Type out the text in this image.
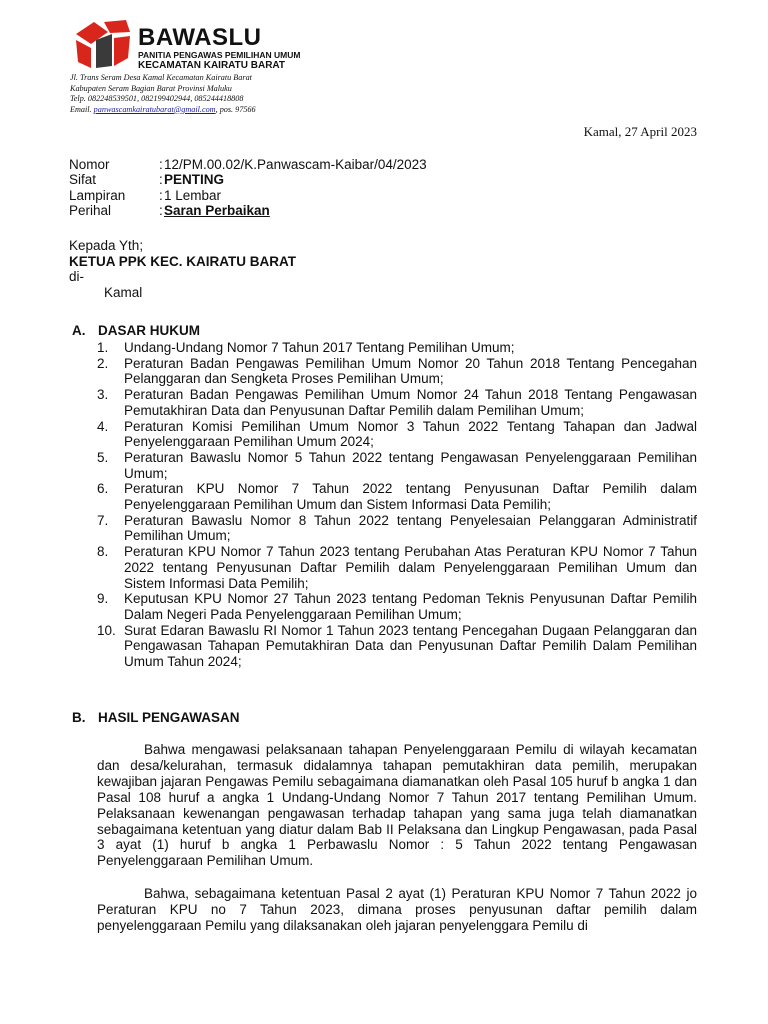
BAWASLU
PANITIA PENGAWAS PEMILIHAN UMUM
KECAMATAN KAIRATU BARAT
Jl. Trans Seram Desa Kamal Kecamatan Kairatu Barat
Kabupaten Seram Bagian Barat Provinsi Maluku
Telp. 082248539501, 082199402944, 085244418808
Email. panwascamkairatubarat@gmail.com, pos. 97566
Kamal, 27 April 2023
Nomor	: 12/PM.00.02/K.Panwascam-Kaibar/04/2023
Sifat	: PENTING
Lampiran	: 1 Lembar
Perihal	: Saran Perbaikan
Kepada Yth;
KETUA PPK KEC. KAIRATU BARAT
di-
Kamal
A. DASAR HUKUM
1.	Undang-Undang Nomor 7 Tahun 2017 Tentang Pemilihan Umum;
2.	Peraturan Badan Pengawas Pemilihan Umum Nomor 20 Tahun 2018 Tentang Pencegahan Pelanggaran dan Sengketa Proses Pemilihan Umum;
3.	Peraturan Badan Pengawas Pemilihan Umum Nomor 24 Tahun 2018 Tentang Pengawasan Pemutakhiran Data dan Penyusunan Daftar Pemilih dalam Pemilihan Umum;
4.	Peraturan Komisi Pemilihan Umum Nomor 3 Tahun 2022 Tentang Tahapan dan Jadwal Penyelenggaraan Pemilihan Umum 2024;
5.	Peraturan Bawaslu Nomor 5 Tahun 2022 tentang Pengawasan Penyelenggaraan Pemilihan Umum;
6.	Peraturan KPU Nomor 7 Tahun 2022 tentang Penyusunan Daftar Pemilih dalam Penyelenggaraan Pemilihan Umum dan Sistem Informasi Data Pemilih;
7.	Peraturan Bawaslu Nomor 8 Tahun 2022 tentang Penyelesaian Pelanggaran Administratif Pemilihan Umum;
8.	Peraturan KPU Nomor 7 Tahun 2023 tentang Perubahan Atas Peraturan KPU Nomor 7 Tahun 2022 tentang Penyusunan Daftar Pemilih dalam Penyelenggaraan Pemilihan Umum dan Sistem Informasi Data Pemilih;
9.	Keputusan KPU Nomor 27 Tahun 2023 tentang Pedoman Teknis Penyusunan Daftar Pemilih Dalam Negeri Pada Penyelenggaraan Pemilihan Umum;
10. Surat Edaran Bawaslu RI Nomor 1 Tahun 2023 tentang Pencegahan Dugaan Pelanggaran dan Pengawasan Tahapan Pemutakhiran Data dan Penyusunan Daftar Pemilih Dalam Pemilihan Umum Tahun 2024;
B. HASIL PENGAWASAN
Bahwa mengawasi pelaksanaan tahapan Penyelenggaraan Pemilu di wilayah kecamatan dan desa/kelurahan, termasuk didalamnya tahapan pemutakhiran data pemilih, merupakan kewajiban jajaran Pengawas Pemilu sebagaimana diamanatkan oleh Pasal 105 huruf b angka 1 dan Pasal 108 huruf a angka 1 Undang-Undang Nomor 7 Tahun 2017 tentang Pemilihan Umum. Pelaksanaan kewenangan pengawasan terhadap tahapan yang sama juga telah diamanatkan sebagaimana ketentuan yang diatur dalam Bab II Pelaksana dan Lingkup Pengawasan, pada Pasal 3 ayat (1) huruf b angka 1 Perbawaslu Nomor : 5 Tahun 2022 tentang Pengawasan Penyelenggaraan Pemilihan Umum.
Bahwa, sebagaimana ketentuan Pasal 2 ayat (1) Peraturan KPU Nomor 7 Tahun 2022 jo Peraturan KPU no 7 Tahun 2023, dimana proses penyusunan daftar pemilih dalam penyelenggaraan Pemilu yang dilaksanakan oleh jajaran penyelenggara Pemilu di
